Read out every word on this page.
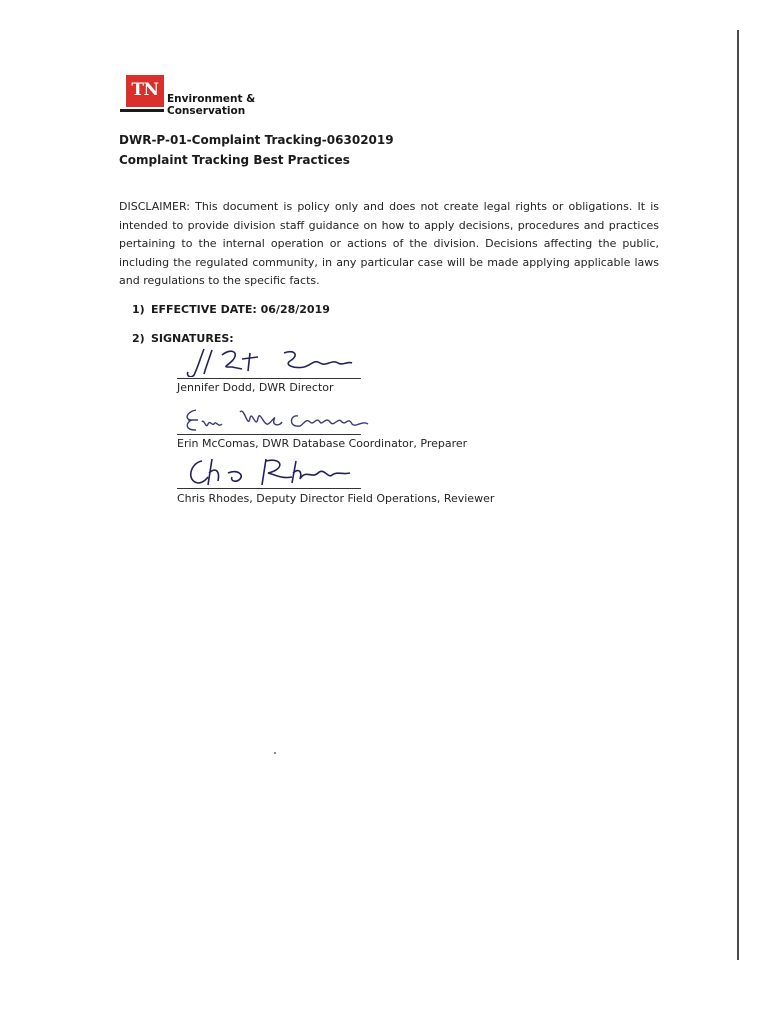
TN Environment &
Conservation
DWR-P-01-Complaint Tracking-06302019
Complaint Tracking Best Practices
DISCLAIMER: This document is policy only and does not create legal rights or obligations. It is intended to provide division staff guidance on how to apply decisions, procedures and practices pertaining to the internal operation or actions of the division. Decisions affecting the public, including the regulated community, in any particular case will be made applying applicable laws and regulations to the specific facts.
1) EFFECTIVE DATE: 06/28/2019
2) SIGNATURES:
Jennifer Dodd, DWR Director
Erin McComas, DWR Database Coordinator, Preparer
Chris Rhodes, Deputy Director Field Operations, Reviewer
